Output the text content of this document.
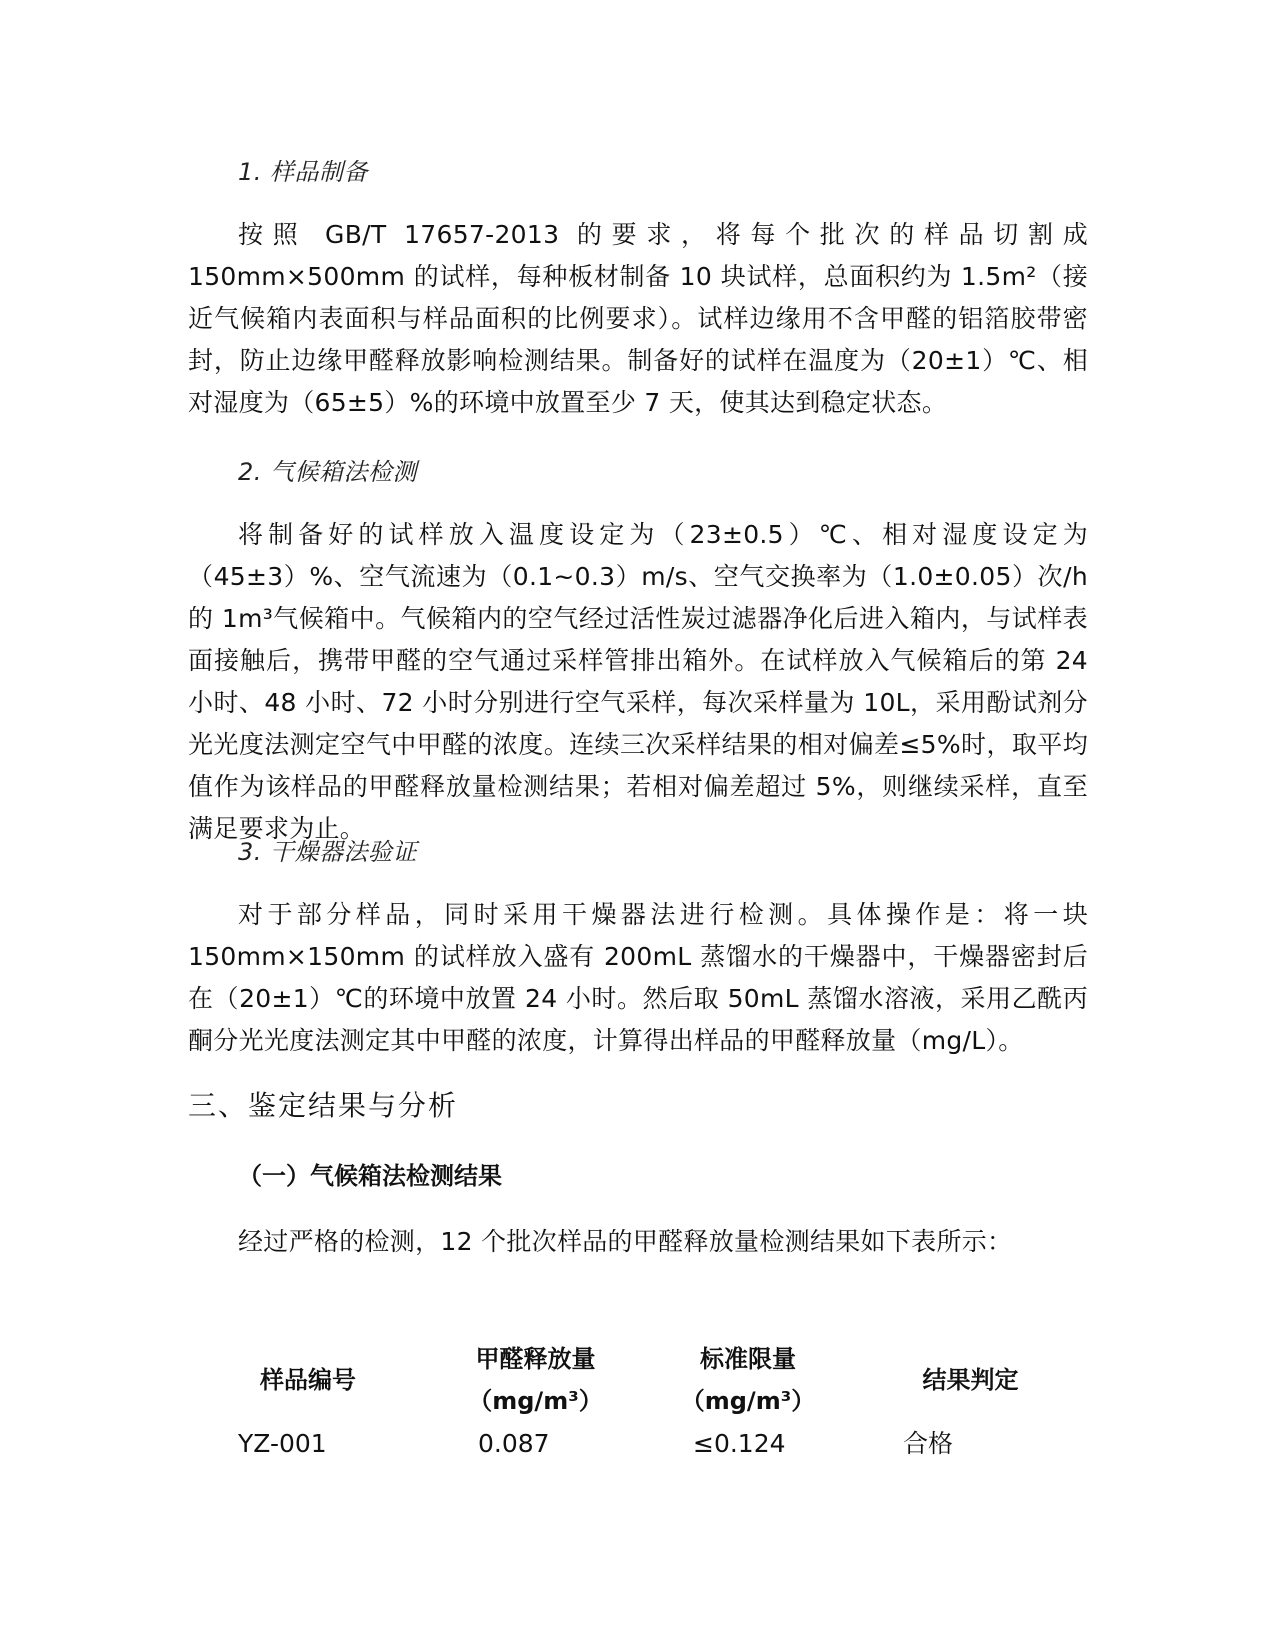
1. 样品制备

按照 GB/T 17657-2013 的要求，将每个批次的样品切割成 150mm×500mm 的试样，每种板材制备 10 块试样，总面积约为 1.5m²（接近气候箱内表面积与样品面积的比例要求）。试样边缘用不含甲醛的铝箔胶带密封，防止边缘甲醛释放影响检测结果。制备好的试样在温度为（20±1）℃、相对湿度为（65±5）%的环境中放置至少 7 天，使其达到稳定状态。

2. 气候箱法检测

将制备好的试样放入温度设定为（23±0.5）℃、相对湿度设定为（45±3）%、空气流速为（0.1~0.3）m/s、空气交换率为（1.0±0.05）次/h 的 1m³气候箱中。气候箱内的空气经过活性炭过滤器净化后进入箱内，与试样表面接触后，携带甲醛的空气通过采样管排出箱外。在试样放入气候箱后的第 24 小时、48 小时、72 小时分别进行空气采样，每次采样量为 10L，采用酚试剂分光光度法测定空气中甲醛的浓度。连续三次采样结果的相对偏差≤5%时，取平均值作为该样品的甲醛释放量检测结果；若相对偏差超过 5%，则继续采样，直至满足要求为止。

3. 干燥器法验证

对于部分样品，同时采用干燥器法进行检测。具体操作是：将一块 150mm×150mm 的试样放入盛有 200mL 蒸馏水的干燥器中，干燥器密封后在（20±1）℃的环境中放置 24 小时。然后取 50mL 蒸馏水溶液，采用乙酰丙酮分光光度法测定其中甲醛的浓度，计算得出样品的甲醛释放量（mg/L）。

三、鉴定结果与分析
（一）气候箱法检测结果

经过严格的检测，12 个批次样品的甲醛释放量检测结果如下表所示：

样品编号	甲醛释放量（mg/m³）	标准限量（mg/m³）	结果判定
YZ-001	0.087	≤0.124	合格
